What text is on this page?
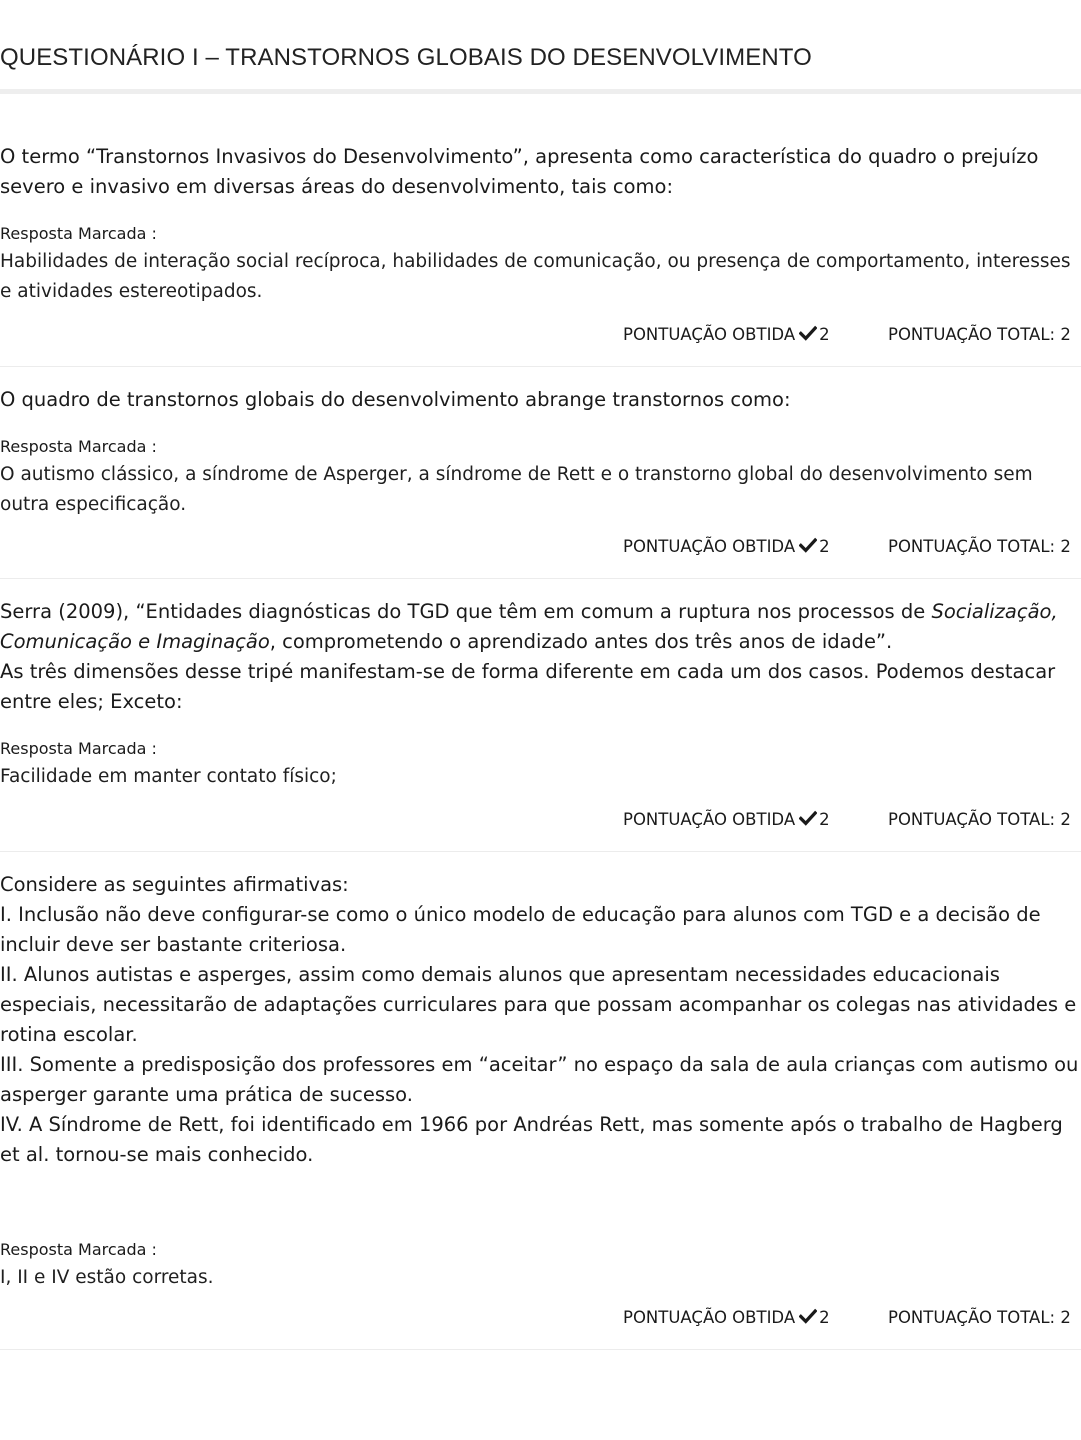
QUESTIONÁRIO I – TRANSTORNOS GLOBAIS DO DESENVOLVIMENTO

O termo “Transtornos Invasivos do Desenvolvimento”, apresenta como característica do quadro o prejuízo severo e invasivo em diversas áreas do desenvolvimento, tais como:

Resposta Marcada :

Habilidades de interação social recíproca, habilidades de comunicação, ou presença de comportamento, interesses e atividades estereotipados.

PONTUAÇÃO OBTIDA 2	PONTUAÇÃO TOTAL: 2

O quadro de transtornos globais do desenvolvimento abrange transtornos como:

Resposta Marcada :

O autismo clássico, a síndrome de Asperger, a síndrome de Rett e o transtorno global do desenvolvimento sem outra especificação.

PONTUAÇÃO OBTIDA 2	PONTUAÇÃO TOTAL: 2

Serra (2009), “Entidades diagnósticas do TGD que têm em comum a ruptura nos processos de Socialização, Comunicação e Imaginação, comprometendo o aprendizado antes dos três anos de idade”.
As três dimensões desse tripé manifestam-se de forma diferente em cada um dos casos. Podemos destacar entre eles; Exceto:

Resposta Marcada :

Facilidade em manter contato físico;

PONTUAÇÃO OBTIDA 2	PONTUAÇÃO TOTAL: 2

Considere as seguintes afirmativas:
I. Inclusão não deve configurar-se como o único modelo de educação para alunos com TGD e a decisão de incluir deve ser bastante criteriosa.
II. Alunos autistas e asperges, assim como demais alunos que apresentam necessidades educacionais especiais, necessitarão de adaptações curriculares para que possam acompanhar os colegas nas atividades e rotina escolar.
III. Somente a predisposição dos professores em “aceitar” no espaço da sala de aula crianças com autismo ou asperger garante uma prática de sucesso.
IV. A Síndrome de Rett, foi identificado em 1966 por Andréas Rett, mas somente após o trabalho de Hagberg et al. tornou-se mais conhecido.

Resposta Marcada :

I, II e IV estão corretas.

PONTUAÇÃO OBTIDA 2	PONTUAÇÃO TOTAL: 2
